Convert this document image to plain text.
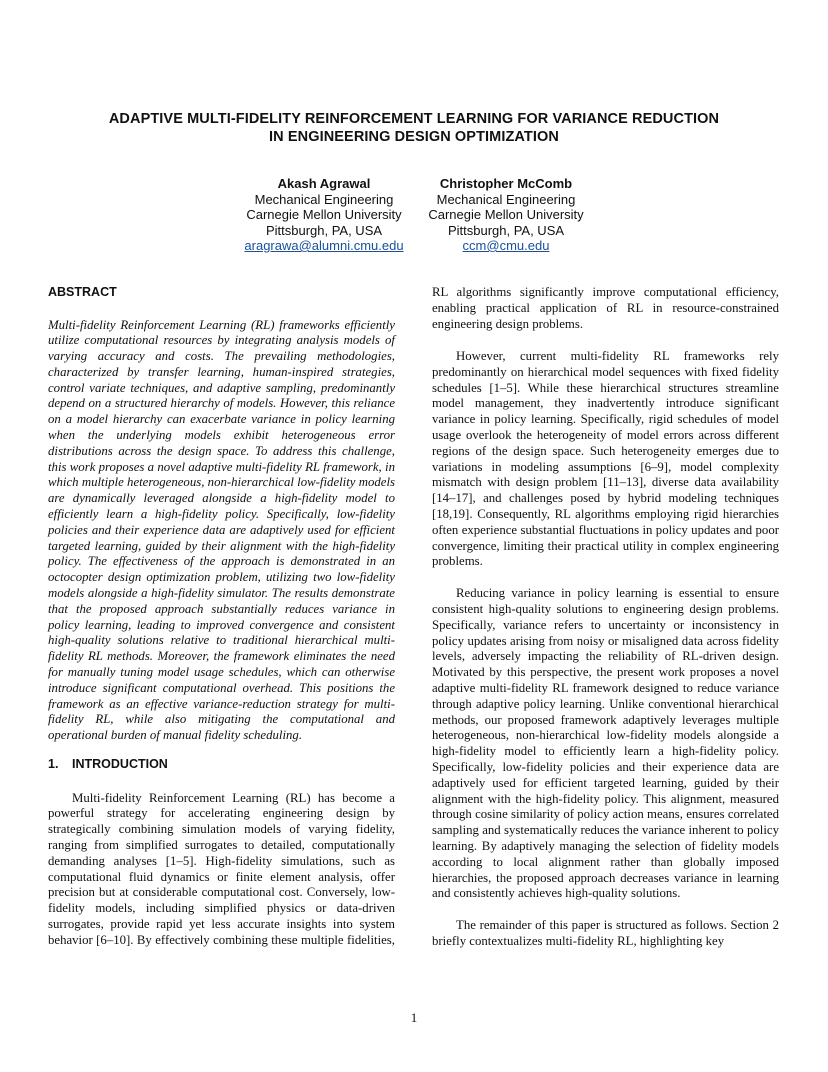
ADAPTIVE MULTI-FIDELITY REINFORCEMENT LEARNING FOR VARIANCE REDUCTION
IN ENGINEERING DESIGN OPTIMIZATION
Akash Agrawal
Mechanical Engineering
Carnegie Mellon University
Pittsburgh, PA, USA
aragrawa@alumni.cmu.edu
Christopher McComb
Mechanical Engineering
Carnegie Mellon University
Pittsburgh, PA, USA
ccm@cmu.edu
ABSTRACT

Multi-fidelity Reinforcement Learning (RL) frameworks efficiently utilize computational resources by integrating analysis models of varying accuracy and costs. The prevailing methodologies, characterized by transfer learning, human-inspired strategies, control variate techniques, and adaptive sampling, predominantly depend on a structured hierarchy of models. However, this reliance on a model hierarchy can exacerbate variance in policy learning when the underlying models exhibit heterogeneous error distributions across the design space. To address this challenge, this work proposes a novel adaptive multi-fidelity RL framework, in which multiple heterogeneous, non-hierarchical low-fidelity models are dynamically leveraged alongside a high-fidelity model to efficiently learn a high-fidelity policy. Specifically, low-fidelity policies and their experience data are adaptively used for efficient targeted learning, guided by their alignment with the high-fidelity policy. The effectiveness of the approach is demonstrated in an octocopter design optimization problem, utilizing two low-fidelity models alongside a high-fidelity simulator. The results demonstrate that the proposed approach substantially reduces variance in policy learning, leading to improved convergence and consistent high-quality solutions relative to traditional hierarchical multi-fidelity RL methods. Moreover, the framework eliminates the need for manually tuning model usage schedules, which can otherwise introduce significant computational overhead. This positions the framework as an effective variance-reduction strategy for multi-fidelity RL, while also mitigating the computational and operational burden of manual fidelity scheduling.

1. INTRODUCTION

Multi-fidelity Reinforcement Learning (RL) has become a powerful strategy for accelerating engineering design by strategically combining simulation models of varying fidelity, ranging from simplified surrogates to detailed, computationally demanding analyses [1–5]. High-fidelity simulations, such as computational fluid dynamics or finite element analysis, offer precision but at considerable computational cost. Conversely, low-fidelity models, including simplified physics or data-driven surrogates, provide rapid yet less accurate insights into system behavior [6–10]. By effectively combining these multiple fidelities,

RL algorithms significantly improve computational efficiency, enabling practical application of RL in resource-constrained engineering design problems.

However, current multi-fidelity RL frameworks rely predominantly on hierarchical model sequences with fixed fidelity schedules [1–5]. While these hierarchical structures streamline model management, they inadvertently introduce significant variance in policy learning. Specifically, rigid schedules of model usage overlook the heterogeneity of model errors across different regions of the design space. Such heterogeneity emerges due to variations in modeling assumptions [6–9], model complexity mismatch with design problem [11–13], diverse data availability [14–17], and challenges posed by hybrid modeling techniques [18,19]. Consequently, RL algorithms employing rigid hierarchies often experience substantial fluctuations in policy updates and poor convergence, limiting their practical utility in complex engineering problems.

Reducing variance in policy learning is essential to ensure consistent high-quality solutions to engineering design problems. Specifically, variance refers to uncertainty or inconsistency in policy updates arising from noisy or misaligned data across fidelity levels, adversely impacting the reliability of RL-driven design. Motivated by this perspective, the present work proposes a novel adaptive multi-fidelity RL framework designed to reduce variance through adaptive policy learning. Unlike conventional hierarchical methods, our proposed framework adaptively leverages multiple heterogeneous, non-hierarchical low-fidelity models alongside a high-fidelity model to efficiently learn a high-fidelity policy. Specifically, low-fidelity policies and their experience data are adaptively used for efficient targeted learning, guided by their alignment with the high-fidelity policy. This alignment, measured through cosine similarity of policy action means, ensures correlated sampling and systematically reduces the variance inherent to policy learning. By adaptively managing the selection of fidelity models according to local alignment rather than globally imposed hierarchies, the proposed approach decreases variance in learning and consistently achieves high-quality solutions.

The remainder of this paper is structured as follows. Section 2 briefly contextualizes multi-fidelity RL, highlighting key

1
